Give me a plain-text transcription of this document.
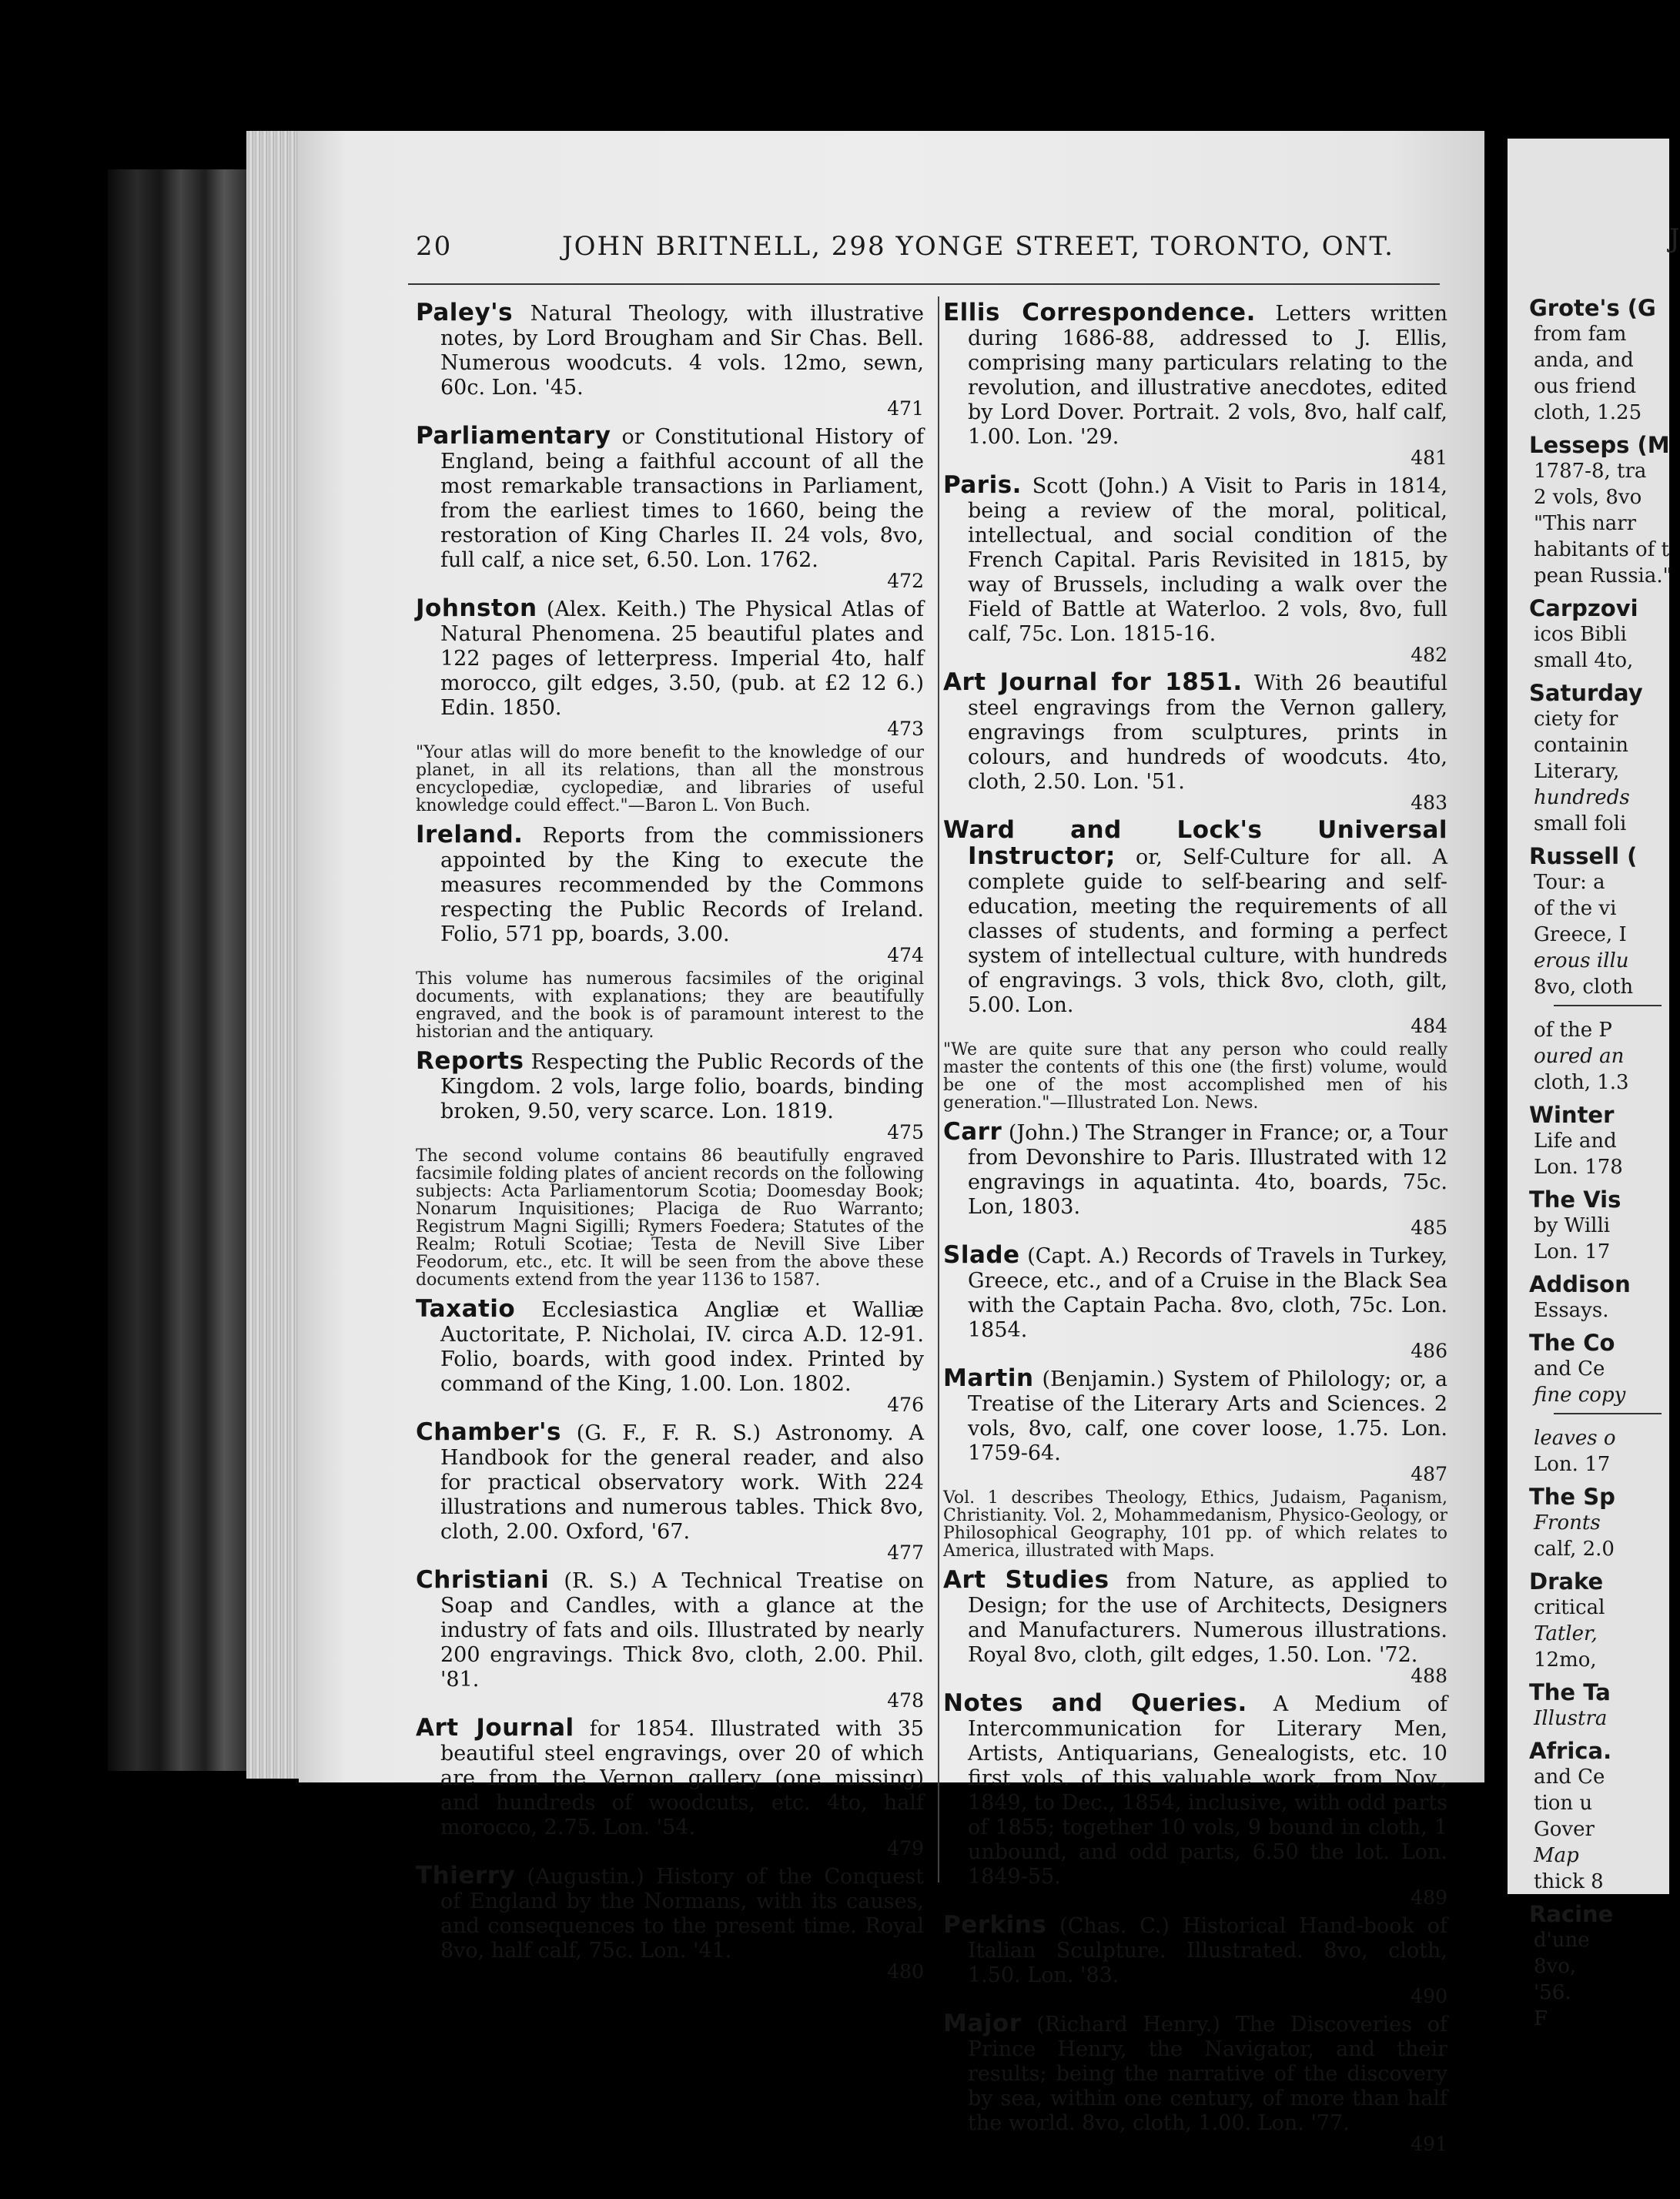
20	JOHN BRITNELL, 298 YONGE STREET, TORONTO, ONT.
Paley's Natural Theology, with illustrative notes, by Lord Brougham and Sir Chas. Bell. Numerous woodcuts. 4 vols. 12mo, sewn, 60c. Lon. '45.
471
Parliamentary or Constitutional History of England, being a faithful account of all the most remarkable transactions in Parliament, from the earliest times to 1660, being the restoration of King Charles II. 24 vols, 8vo, full calf, a nice set, 6.50. Lon. 1762.
472
Johnston (Alex. Keith.) The Physical Atlas of Natural Phenomena. 25 beautiful plates and 122 pages of letterpress. Imperial 4to, half morocco, gilt edges, 3.50, (pub. at £2 12 6.) Edin. 1850.
473
"Your atlas will do more benefit to the knowledge of our planet, in all its relations, than all the monstrous encyclopediæ, cyclopediæ, and libraries of useful knowledge could effect."—Baron L. Von Buch.
Ireland. Reports from the commissioners appointed by the King to execute the measures recommended by the Commons respecting the Public Records of Ireland. Folio, 571 pp, boards, 3.00.
474
This volume has numerous facsimiles of the original documents, with explanations; they are beautifully engraved, and the book is of paramount interest to the historian and the antiquary.
Reports Respecting the Public Records of the Kingdom. 2 vols, large folio, boards, binding broken, 9.50, very scarce. Lon. 1819.
475
The second volume contains 86 beautifully engraved facsimile folding plates of ancient records on the following subjects: Acta Parliamentorum Scotia; Doomesday Book; Nonarum Inquisitiones; Placiga de Ruo Warranto; Registrum Magni Sigilli; Rymers Foedera; Statutes of the Realm; Rotuli Scotiae; Testa de Nevill Sive Liber Feodorum, etc., etc. It will be seen from the above these documents extend from the year 1136 to 1587.
Taxatio Ecclesiastica Angliæ et Walliæ Auctoritate, P. Nicholai, IV. circa A.D. 12-91. Folio, boards, with good index. Printed by command of the King, 1.00. Lon. 1802.
476
Chamber's (G. F., F. R. S.) Astronomy. A Handbook for the general reader, and also for practical observatory work. With 224 illustrations and numerous tables. Thick 8vo, cloth, 2.00. Oxford, '67.
477
Christiani (R. S.) A Technical Treatise on Soap and Candles, with a glance at the industry of fats and oils. Illustrated by nearly 200 engravings. Thick 8vo, cloth, 2.00. Phil. '81.
478
Art Journal for 1854. Illustrated with 35 beautiful steel engravings, over 20 of which are from the Vernon gallery (one missing) and hundreds of woodcuts, etc. 4to, half morocco, 2.75. Lon. '54.
479
Thierry (Augustin.) History of the Conquest of England by the Normans, with its causes, and consequences to the present time. Royal 8vo, half calf, 75c. Lon. '41.
480
Ellis Correspondence. Letters written during 1686-88, addressed to J. Ellis, comprising many particulars relating to the revolution, and illustrative anecdotes, edited by Lord Dover. Portrait. 2 vols, 8vo, half calf, 1.00. Lon. '29.
481
Paris. Scott (John.) A Visit to Paris in 1814, being a review of the moral, political, intellectual, and social condition of the French Capital. Paris Revisited in 1815, by way of Brussels, including a walk over the Field of Battle at Waterloo. 2 vols, 8vo, full calf, 75c. Lon. 1815-16.
482
Art Journal for 1851. With 26 beautiful steel engravings from the Vernon gallery, engravings from sculptures, prints in colours, and hundreds of woodcuts. 4to, cloth, 2.50. Lon. '51.
483
Ward and Lock's Universal Instructor; or, Self-Culture for all. A complete guide to self-bearing and self-education, meeting the requirements of all classes of students, and forming a perfect system of intellectual culture, with hundreds of engravings. 3 vols, thick 8vo, cloth, gilt, 5.00. Lon.
484
"We are quite sure that any person who could really master the contents of this one (the first) volume, would be one of the most accomplished men of his generation."—Illustrated Lon. News.
Carr (John.) The Stranger in France; or, a Tour from Devonshire to Paris. Illustrated with 12 engravings in aquatinta. 4to, boards, 75c. Lon, 1803.
485
Slade (Capt. A.) Records of Travels in Turkey, Greece, etc., and of a Cruise in the Black Sea with the Captain Pacha. 8vo, cloth, 75c. Lon. 1854.
486
Martin (Benjamin.) System of Philology; or, a Treatise of the Literary Arts and Sciences. 2 vols, 8vo, calf, one cover loose, 1.75. Lon. 1759-64.
487
Vol. 1 describes Theology, Ethics, Judaism, Paganism, Christianity. Vol. 2, Mohammedanism, Physico-Geology, or Philosophical Geography, 101 pp. of which relates to America, illustrated with Maps.
Art Studies from Nature, as applied to Design; for the use of Architects, Designers and Manufacturers. Numerous illustrations. Royal 8vo, cloth, gilt edges, 1.50. Lon. '72.
488
Notes and Queries. A Medium of Intercommunication for Literary Men, Artists, Antiquarians, Genealogists, etc. 10 first vols. of this valuable work, from Nov., 1849, to Dec., 1854, inclusive, with odd parts of 1855; together 10 vols, 9 bound in cloth, 1 unbound, and odd parts, 6.50 the lot. Lon. 1849-55.
489
Perkins (Chas. C.) Historical Hand-book of Italian Sculpture. Illustrated. 8vo, cloth, 1.50. Lon. '83.
490
Major (Richard Henry.) The Discoveries of Prince Henry, the Navigator, and their results; being the narrative of the discovery by sea, within one century, of more than half the world. 8vo, cloth, 1.00. Lon. '77.
491
J
Grote's (G
from fam
anda, and
ous friend
cloth, 1.25
Lesseps (M
1787-8, tra
2 vols, 8vo
"This narr
habitants of t
pean Russia."
Carpzovi
icos Bibli
small 4to,
Saturday
ciety for
containin
Literary,
hundreds
small foli
Russell (
Tour: a
of the vi
Greece, I
erous illu
8vo, cloth
of the P
oured an
cloth, 1.3
Winter
Life and
Lon. 178
The Vis
by Willi
Lon. 17
Addison
Essays.
The Co
and Ce
fine copy
leaves o
Lon. 17
The Sp
Fronts
calf, 2.0
Drake
critical
Tatler,
12mo,
The Ta
Illustra
Africa.
and Ce
tion u
Gover
Map
thick 8
Racine
d'une
8vo,
'56.
F
